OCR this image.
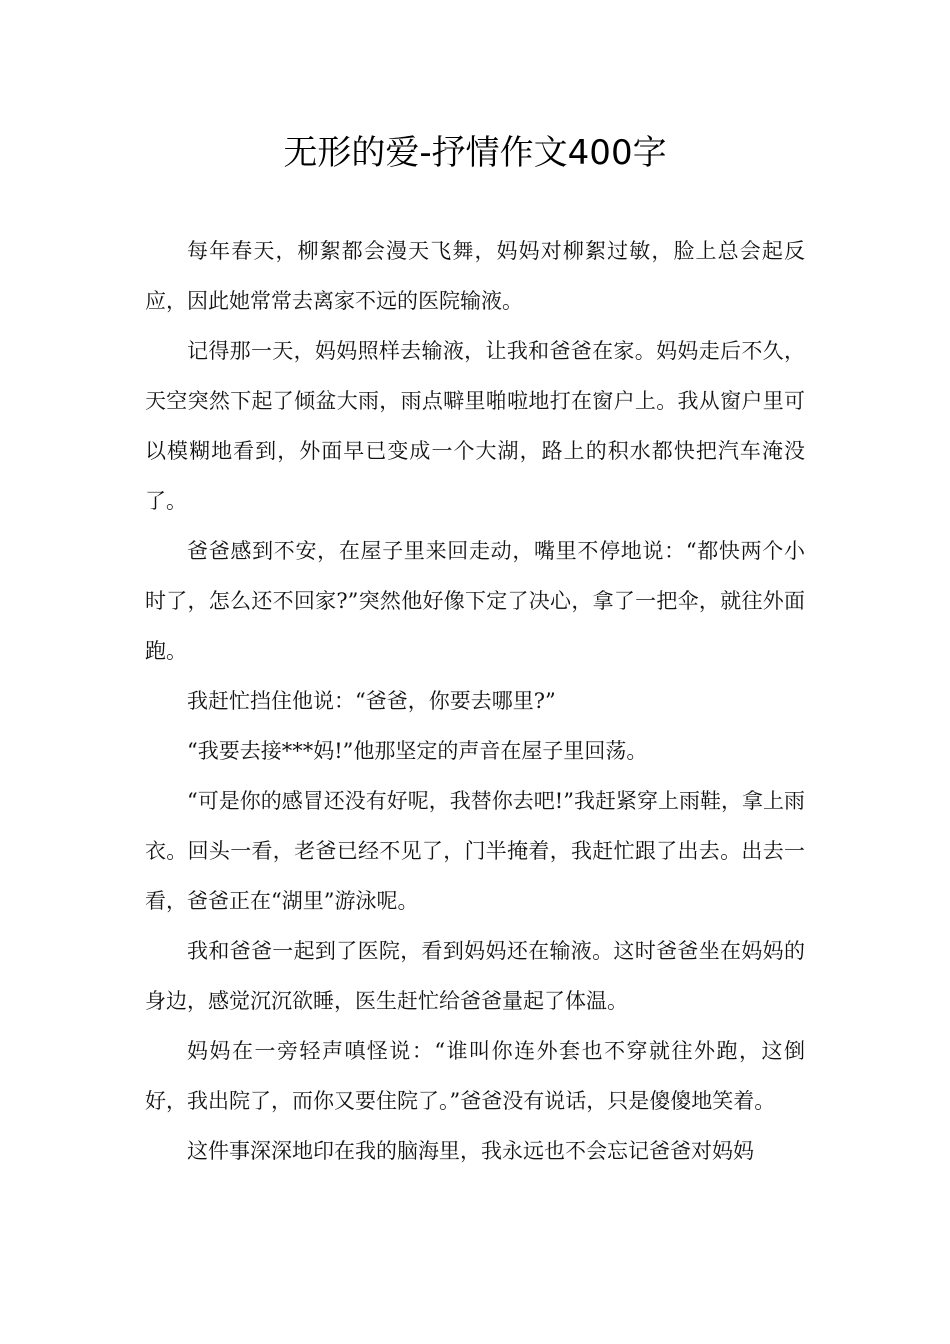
无形的爱-抒情作文400字

每年春天，柳絮都会漫天飞舞，妈妈对柳絮过敏，脸上总会起反应，因此她常常去离家不远的医院输液。

记得那一天，妈妈照样去输液，让我和爸爸在家。妈妈走后不久，天空突然下起了倾盆大雨，雨点噼里啪啦地打在窗户上。我从窗户里可以模糊地看到，外面早已变成一个大湖，路上的积水都快把汽车淹没了。

爸爸感到不安，在屋子里来回走动，嘴里不停地说：“都快两个小时了，怎么还不回家?”突然他好像下定了决心，拿了一把伞，就往外面跑。

我赶忙挡住他说：“爸爸，你要去哪里?”

“我要去接***妈!”他那坚定的声音在屋子里回荡。

“可是你的感冒还没有好呢，我替你去吧!”我赶紧穿上雨鞋，拿上雨衣。回头一看，老爸已经不见了，门半掩着，我赶忙跟了出去。出去一看，爸爸正在“湖里”游泳呢。

我和爸爸一起到了医院，看到妈妈还在输液。这时爸爸坐在妈妈的身边，感觉沉沉欲睡，医生赶忙给爸爸量起了体温。

妈妈在一旁轻声嗔怪说：“谁叫你连外套也不穿就往外跑，这倒好，我出院了，而你又要住院了。”爸爸没有说话，只是傻傻地笑着。

这件事深深地印在我的脑海里，我永远也不会忘记爸爸对妈妈
